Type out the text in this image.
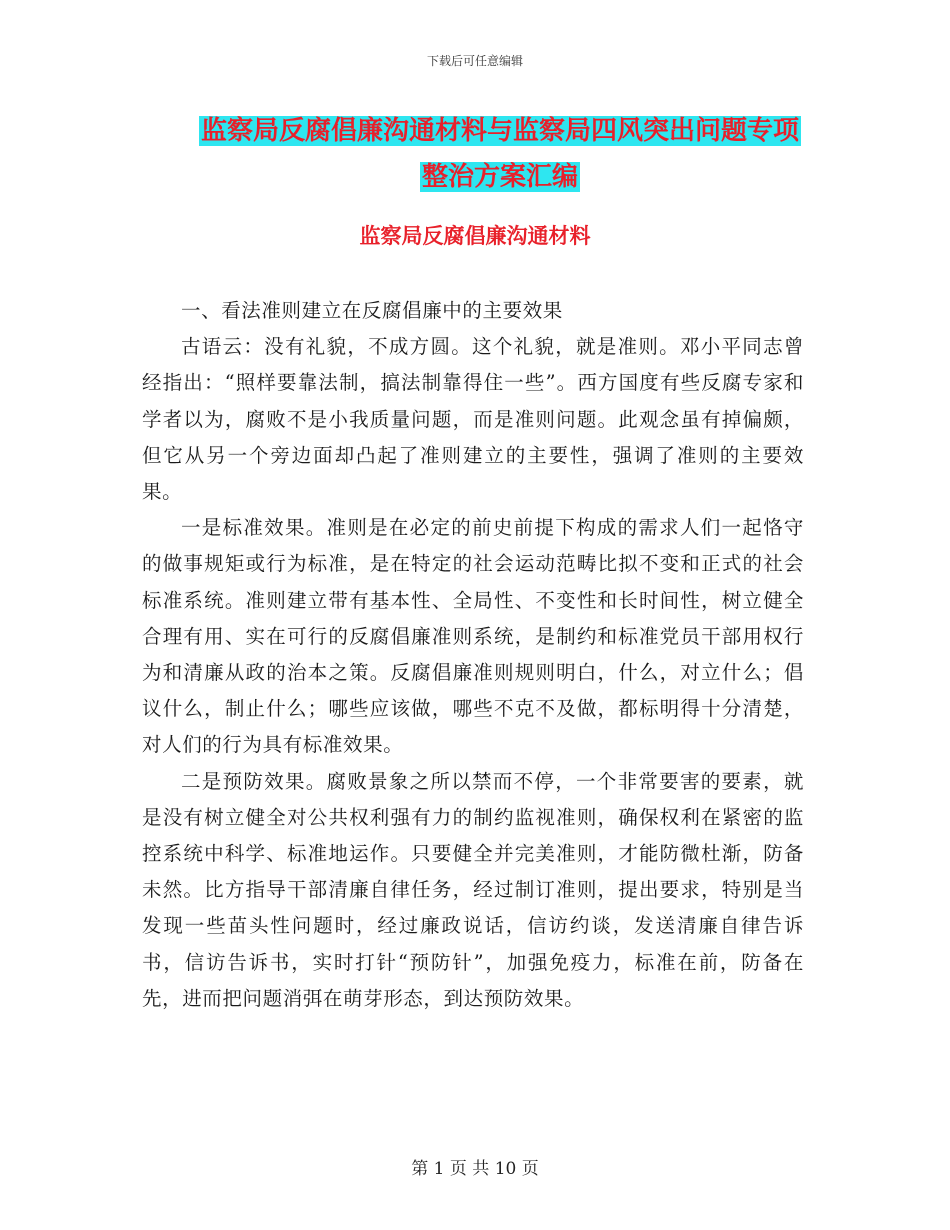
下载后可任意编辑
监察局反腐倡廉沟通材料与监察局四风突出问题专项
整治方案汇编
监察局反腐倡廉沟通材料

一、看法准则建立在反腐倡廉中的主要效果

古语云：没有礼貌，不成方圆。这个礼貌，就是准则。邓小平同志曾经指出：“照样要靠法制，搞法制靠得住一些”。西方国度有些反腐专家和学者以为，腐败不是小我质量问题，而是准则问题。此观念虽有掉偏颇，但它从另一个旁边面却凸起了准则建立的主要性，强调了准则的主要效果。

一是标准效果。准则是在必定的前史前提下构成的需求人们一起恪守的做事规矩或行为标准，是在特定的社会运动范畴比拟不变和正式的社会标准系统。准则建立带有基本性、全局性、不变性和长时间性，树立健全合理有用、实在可行的反腐倡廉准则系统，是制约和标准党员干部用权行为和清廉从政的治本之策。反腐倡廉准则规则明白，什么，对立什么；倡议什么，制止什么；哪些应该做，哪些不克不及做，都标明得十分清楚，对人们的行为具有标准效果。

二是预防效果。腐败景象之所以禁而不停，一个非常要害的要素，就是没有树立健全对公共权利强有力的制约监视准则，确保权利在紧密的监控系统中科学、标准地运作。只要健全并完美准则，才能防微杜渐，防备未然。比方指导干部清廉自律任务，经过制订准则，提出要求，特别是当发现一些苗头性问题时，经过廉政说话，信访约谈，发送清廉自律告诉书，信访告诉书，实时打针“预防针”，加强免疫力，标准在前，防备在先，进而把问题消弭在萌芽形态，到达预防效果。

第 1 页 共 10 页
